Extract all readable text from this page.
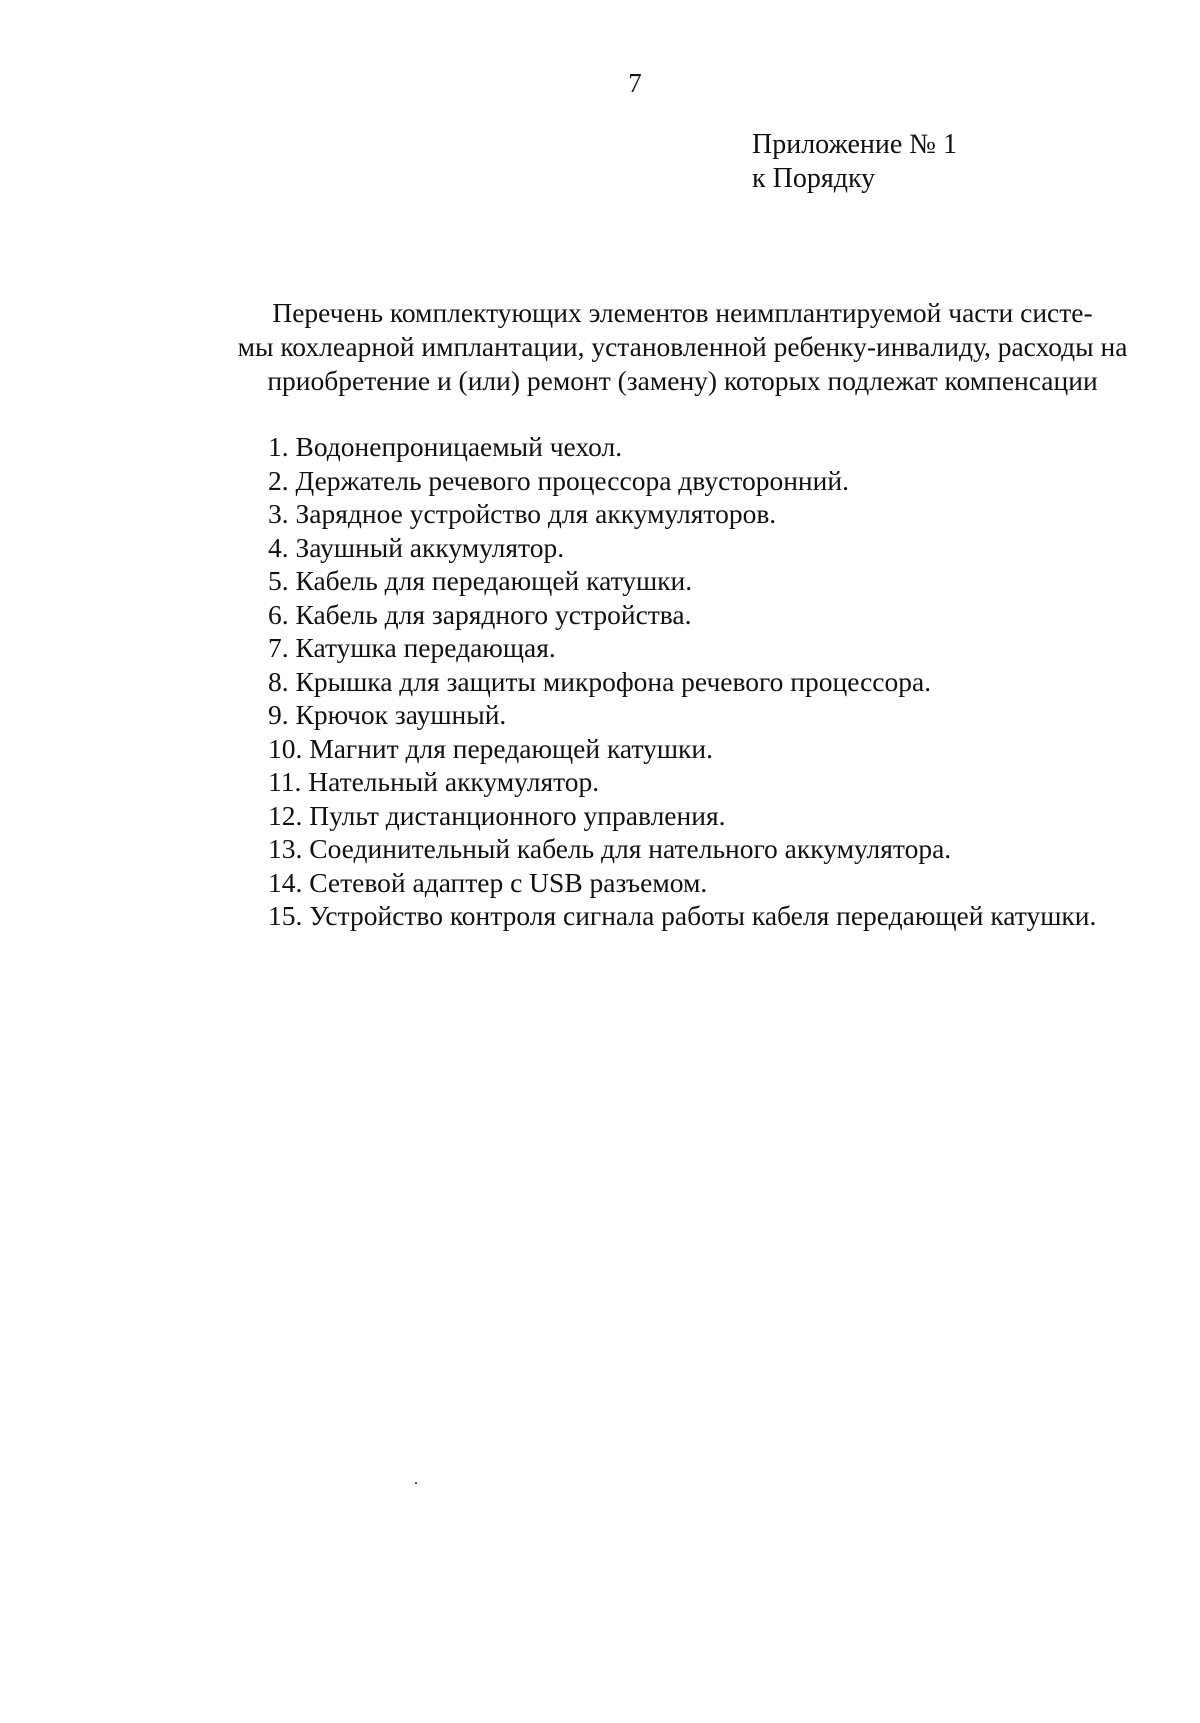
7
Приложение № 1
к Порядку
Перечень комплектующих элементов неимплантируемой части систе-
мы кохлеарной имплантации, установленной ребенку-инвалиду, расходы на
приобретение и (или) ремонт (замену) которых подлежат компенсации
1. Водонепроницаемый чехол.
2. Держатель речевого процессора двусторонний.
3. Зарядное устройство для аккумуляторов.
4. Заушный аккумулятор.
5. Кабель для передающей катушки.
6. Кабель для зарядного устройства.
7. Катушка передающая.
8. Крышка для защиты микрофона речевого процессора.
9. Крючок заушный.
10. Магнит для передающей катушки.
11. Нательный аккумулятор.
12. Пульт дистанционного управления.
13. Соединительный кабель для нательного аккумулятора.
14. Сетевой адаптер с USB разъемом.
15. Устройство контроля сигнала работы кабеля передающей катушки.
